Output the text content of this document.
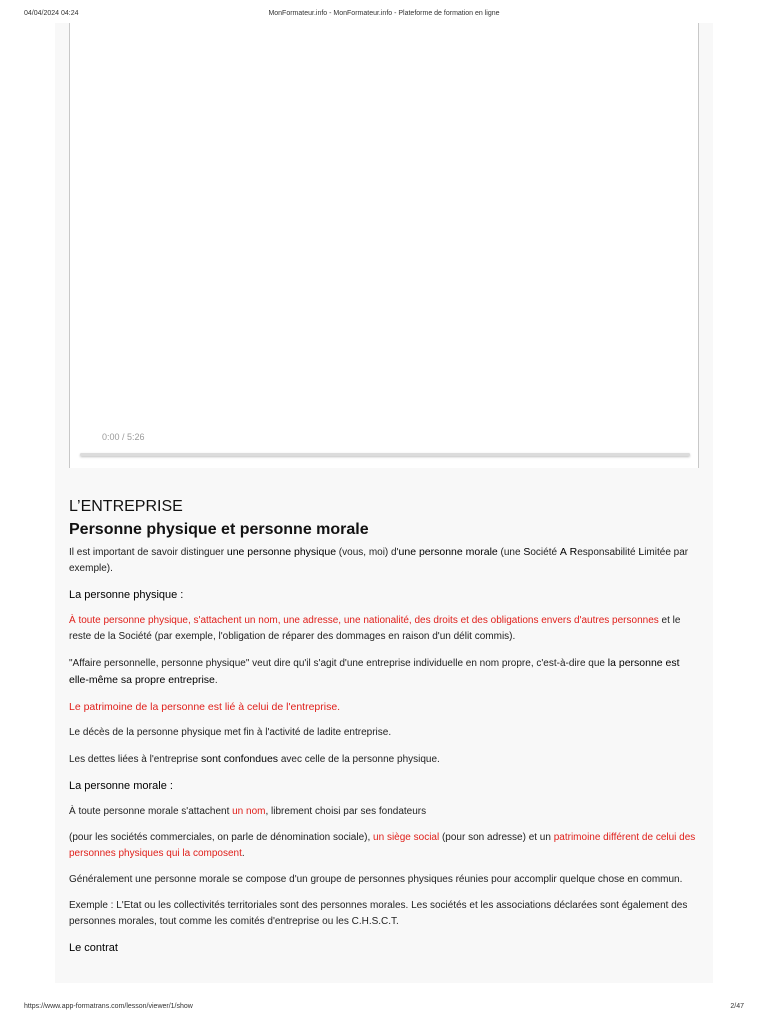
04/04/2024 04:24	MonFormateur.info - MonFormateur.info - Plateforme de formation en ligne
0:00 / 5:26
L’ENTREPRISE
Personne physique et personne morale

Il est important de savoir distinguer une personne physique (vous, moi) d'une personne morale (une Société A Responsabilité Limitée par exemple).

La personne physique :

À toute personne physique, s'attachent un nom, une adresse, une nationalité, des droits et des obligations envers d'autres personnes et le reste de la Société (par exemple, l'obligation de réparer des dommages en raison d'un délit commis).

"Affaire personnelle, personne physique" veut dire qu'il s'agit d'une entreprise individuelle en nom propre, c'est-à-dire que la personne est elle-même sa propre entreprise.

Le patrimoine de la personne est lié à celui de l'entreprise.

Le décès de la personne physique met fin à l'activité de ladite entreprise.

Les dettes liées à l'entreprise sont confondues avec celle de la personne physique.

La personne morale :

À toute personne morale s'attachent un nom, librement choisi par ses fondateurs

(pour les sociétés commerciales, on parle de dénomination sociale), un siège social (pour son adresse) et un patrimoine différent de celui des personnes physiques qui la composent.

Généralement une personne morale se compose d'un groupe de personnes physiques réunies pour accomplir quelque chose en commun.

Exemple : L'Etat ou les collectivités territoriales sont des personnes morales. Les sociétés et les associations déclarées sont également des personnes morales, tout comme les comités d'entreprise ou les C.H.S.C.T.

Le contrat

https://www.app-formatrans.com/lesson/viewer/1/show	2/47
